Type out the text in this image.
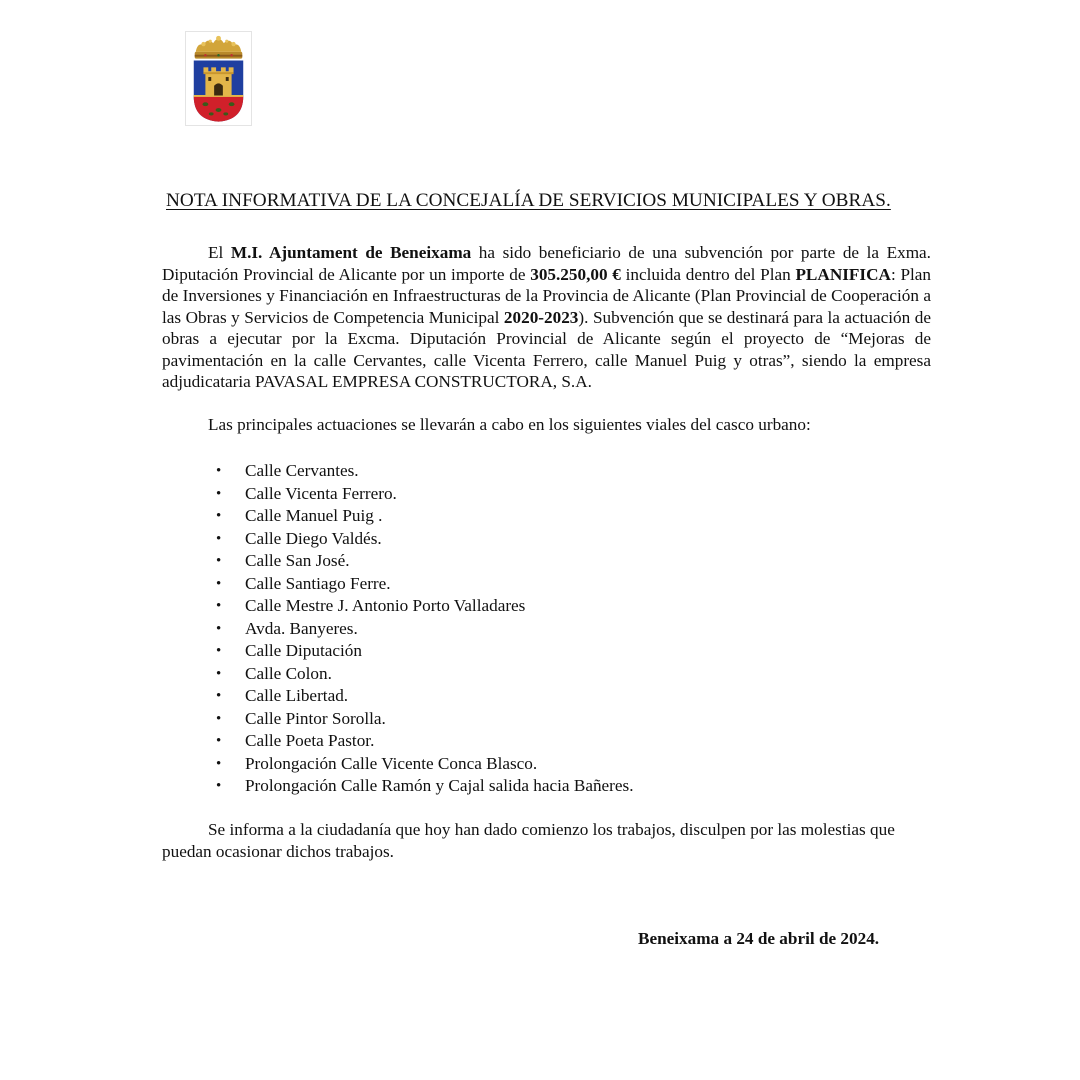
NOTA INFORMATIVA DE LA CONCEJALÍA DE SERVICIOS MUNICIPALES Y OBRAS.

El M.I. Ajuntament de Beneixama ha sido beneficiario de una subvención por parte de la Exma. Diputación Provincial de Alicante por un importe de 305.250,00 € incluida dentro del Plan PLANIFICA: Plan de Inversiones y Financiación en Infraestructuras de la Provincia de Alicante (Plan Provincial de Cooperación a las Obras y Servicios de Competencia Municipal 2020-2023). Subvención que se destinará para la actuación de obras a ejecutar por la Excma. Diputación Provincial de Alicante según el proyecto de “Mejoras de pavimentación en la calle Cervantes, calle Vicenta Ferrero, calle Manuel Puig y otras”, siendo la empresa adjudicataria PAVASAL EMPRESA CONSTRUCTORA, S.A.

Las principales actuaciones se llevarán a cabo en los siguientes viales del casco urbano:

• Calle Cervantes.
• Calle Vicenta Ferrero.
• Calle Manuel Puig .
• Calle Diego Valdés.
• Calle San José.
• Calle Santiago Ferre.
• Calle Mestre J. Antonio Porto Valladares
• Avda. Banyeres.
• Calle Diputación
• Calle Colon.
• Calle Libertad.
• Calle Pintor Sorolla.
• Calle Poeta Pastor.
• Prolongación Calle Vicente Conca Blasco.
• Prolongación Calle Ramón y Cajal salida hacia Bañeres.

Se informa a la ciudadanía que hoy han dado comienzo los trabajos, disculpen por las molestias que puedan ocasionar dichos trabajos.

Beneixama a 24 de abril de 2024.
